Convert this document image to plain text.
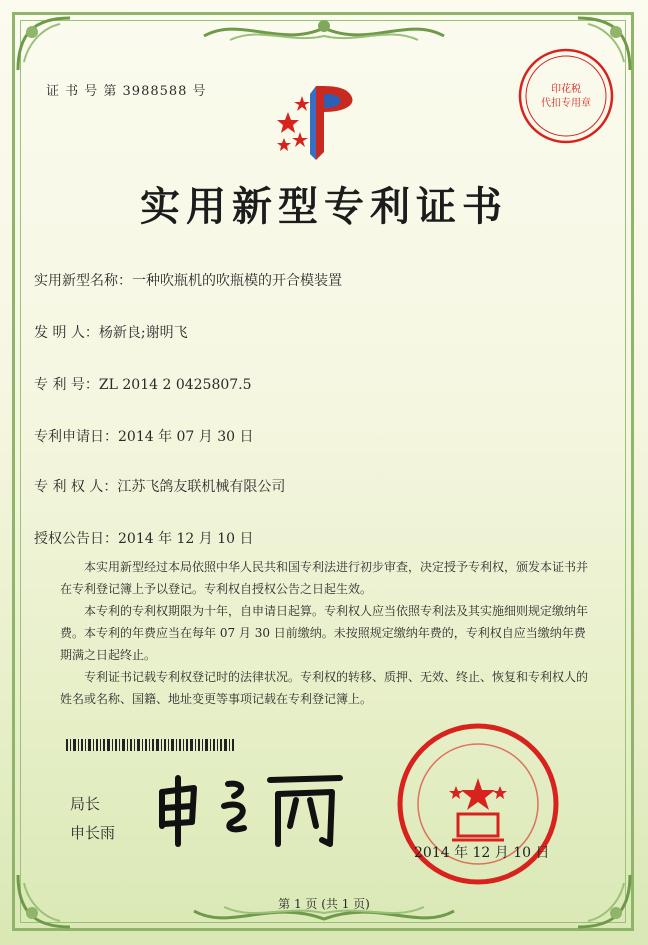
证 书 号 第 3988588 号	印花税
代扣专用章
实用新型专利证书
实用新型名称：一种吹瓶机的吹瓶模的开合模装置
发 明 人：杨新良;谢明飞
专 利 号：ZL 2014 2 0425807.5
专利申请日：2014 年 07 月 30 日
专 利 权 人：江苏飞鸽友联机械有限公司
授权公告日：2014 年 12 月 10 日

本实用新型经过本局依照中华人民共和国专利法进行初步审查，决定授予专利权，颁发本证书并在专利登记簿上予以登记。专利权自授权公告之日起生效。

本专利的专利权期限为十年，自申请日起算。专利权人应当依照专利法及其实施细则规定缴纳年费。本专利的年费应当在每年 07 月 30 日前缴纳。未按照规定缴纳年费的，专利权自应当缴纳年费期满之日起终止。

专利证书记载专利权登记时的法律状况。专利权的转移、质押、无效、终止、恢复和专利权人的姓名或名称、国籍、地址变更等事项记载在专利登记簿上。

局长
申长雨
2014 年 12 月 10 日
第 1 页 (共 1 页)
